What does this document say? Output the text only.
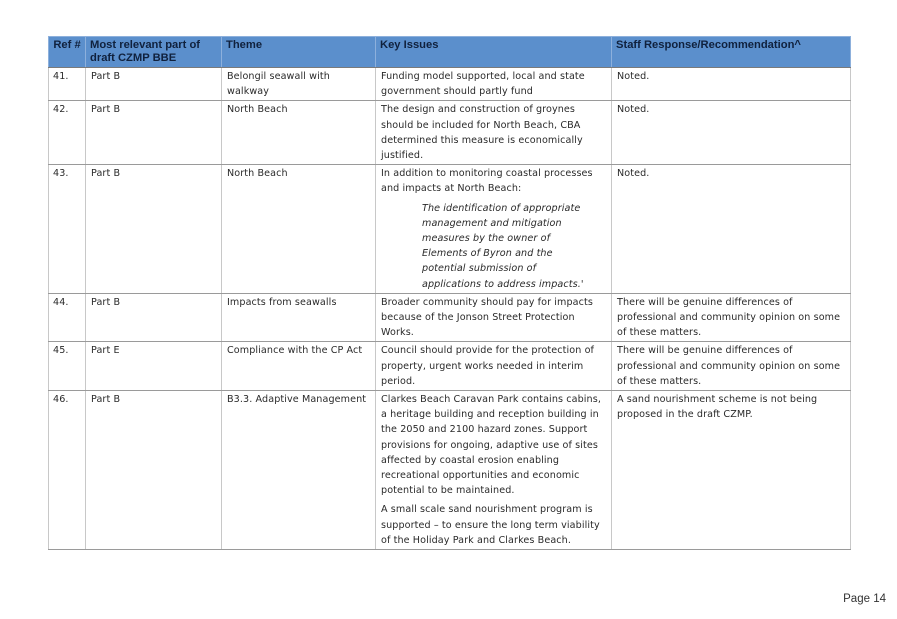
Ref #	Most relevant part of draft CZMP BBE	Theme	Key Issues	Staff Response/Recommendation^
41.	Part B	Belongil seawall with walkway	Funding model supported, local and state government should partly fund	Noted.
42.	Part B	North Beach	The design and construction of groynes should be included for North Beach, CBA determined this measure is economically justified.	Noted.
43.	Part B	North Beach	In addition to monitoring coastal processes and impacts at North Beach:
The identification of appropriate management and mitigation measures by the owner of Elements of Byron and the potential submission of applications to address impacts.'	Noted.
44.	Part B	Impacts from seawalls	Broader community should pay for impacts because of the Jonson Street Protection Works.	There will be genuine differences of professional and community opinion on some of these matters.
45.	Part E	Compliance with the CP Act	Council should provide for the protection of property, urgent works needed in interim period.	There will be genuine differences of professional and community opinion on some of these matters.
46.	Part B	B3.3. Adaptive Management	Clarkes Beach Caravan Park contains cabins, a heritage building and reception building in the 2050 and 2100 hazard zones. Support provisions for ongoing, adaptive use of sites affected by coastal erosion enabling recreational opportunities and economic potential to be maintained.
A small scale sand nourishment program is supported – to ensure the long term viability of the Holiday Park and Clarkes Beach.	A sand nourishment scheme is not being proposed in the draft CZMP.
Page 14
